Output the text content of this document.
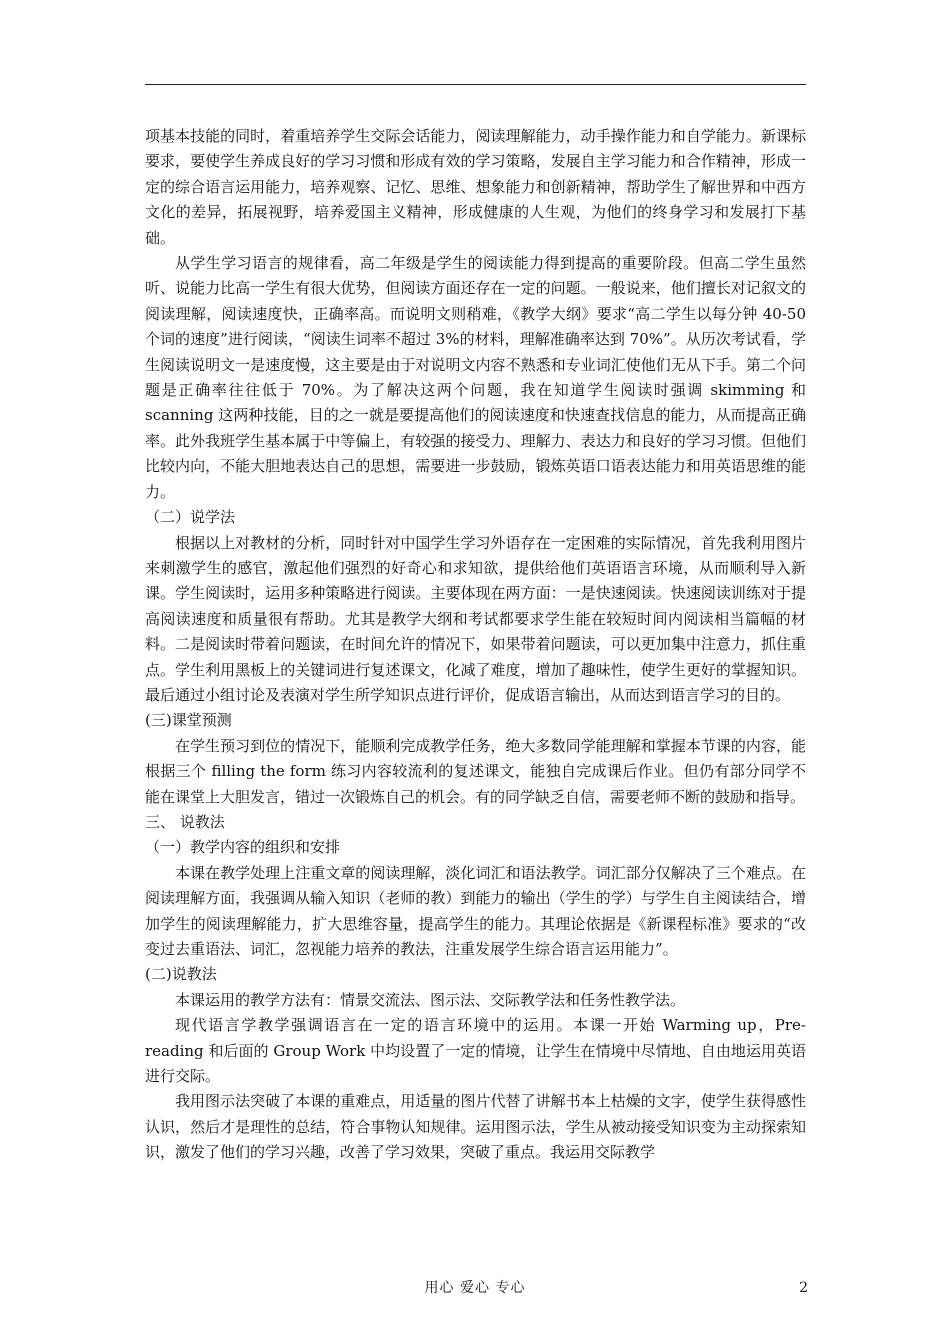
项基本技能的同时，着重培养学生交际会话能力，阅读理解能力，动手操作能力和自学能力。新课标要求，要使学生养成良好的学习习惯和形成有效的学习策略，发展自主学习能力和合作精神，形成一定的综合语言运用能力，培养观察、记忆、思维、想象能力和创新精神，帮助学生了解世界和中西方文化的差异，拓展视野，培养爱国主义精神，形成健康的人生观，为他们的终身学习和发展打下基础。

从学生学习语言的规律看，高二年级是学生的阅读能力得到提高的重要阶段。但高二学生虽然听、说能力比高一学生有很大优势，但阅读方面还存在一定的问题。一般说来，他们擅长对记叙文的阅读理解，阅读速度快，正确率高。而说明文则稍难，《教学大纲》要求“高二学生以每分钟 40-50 个词的速度”进行阅读，“阅读生词率不超过 3%的材料，理解准确率达到 70%”。从历次考试看，学生阅读说明文一是速度慢，这主要是由于对说明文内容不熟悉和专业词汇使他们无从下手。第二个问题是正确率往往低于 70%。为了解决这两个问题，我在知道学生阅读时强调 skimming 和 scanning 这两种技能，目的之一就是要提高他们的阅读速度和快速查找信息的能力，从而提高正确率。此外我班学生基本属于中等偏上，有较强的接受力、理解力、表达力和良好的学习习惯。但他们比较内向，不能大胆地表达自己的思想，需要进一步鼓励，锻炼英语口语表达能力和用英语思维的能力。

（二）说学法

根据以上对教材的分析，同时针对中国学生学习外语存在一定困难的实际情况，首先我利用图片来刺激学生的感官，激起他们强烈的好奇心和求知欲，提供给他们英语语言环境，从而顺利导入新课。学生阅读时，运用多种策略进行阅读。主要体现在两方面：一是快速阅读。快速阅读训练对于提高阅读速度和质量很有帮助。尤其是教学大纲和考试都要求学生能在较短时间内阅读相当篇幅的材料。二是阅读时带着问题读，在时间允许的情况下，如果带着问题读，可以更加集中注意力，抓住重点。学生利用黑板上的关键词进行复述课文，化减了难度，增加了趣味性，使学生更好的掌握知识。最后通过小组讨论及表演对学生所学知识点进行评价，促成语言输出，从而达到语言学习的目的。

(三)课堂预测

在学生预习到位的情况下，能顺利完成教学任务，绝大多数同学能理解和掌握本节课的内容，能根据三个 filling the form 练习内容较流利的复述课文，能独自完成课后作业。但仍有部分同学不能在课堂上大胆发言，错过一次锻炼自己的机会。有的同学缺乏自信，需要老师不断的鼓励和指导。

三、 说教法

（一）教学内容的组织和安排

本课在教学处理上注重文章的阅读理解，淡化词汇和语法教学。词汇部分仅解决了三个难点。在阅读理解方面，我强调从输入知识（老师的教）到能力的输出（学生的学）与学生自主阅读结合，增加学生的阅读理解能力，扩大思维容量，提高学生的能力。其理论依据是《新课程标准》要求的“改变过去重语法、词汇，忽视能力培养的教法，注重发展学生综合语言运用能力”。

(二)说教法

本课运用的教学方法有：情景交流法、图示法、交际教学法和任务性教学法。

现代语言学教学强调语言在一定的语言环境中的运用。本课一开始 Warming up，Pre-reading 和后面的 Group Work 中均设置了一定的情境，让学生在情境中尽情地、自由地运用英语进行交际。

我用图示法突破了本课的重难点，用适量的图片代替了讲解书本上枯燥的文字，使学生获得感性认识，然后才是理性的总结，符合事物认知规律。运用图示法，学生从被动接受知识变为主动探索知识，激发了他们的学习兴趣，改善了学习效果，突破了重点。我运用交际教学

用心 爱心 专心	2
